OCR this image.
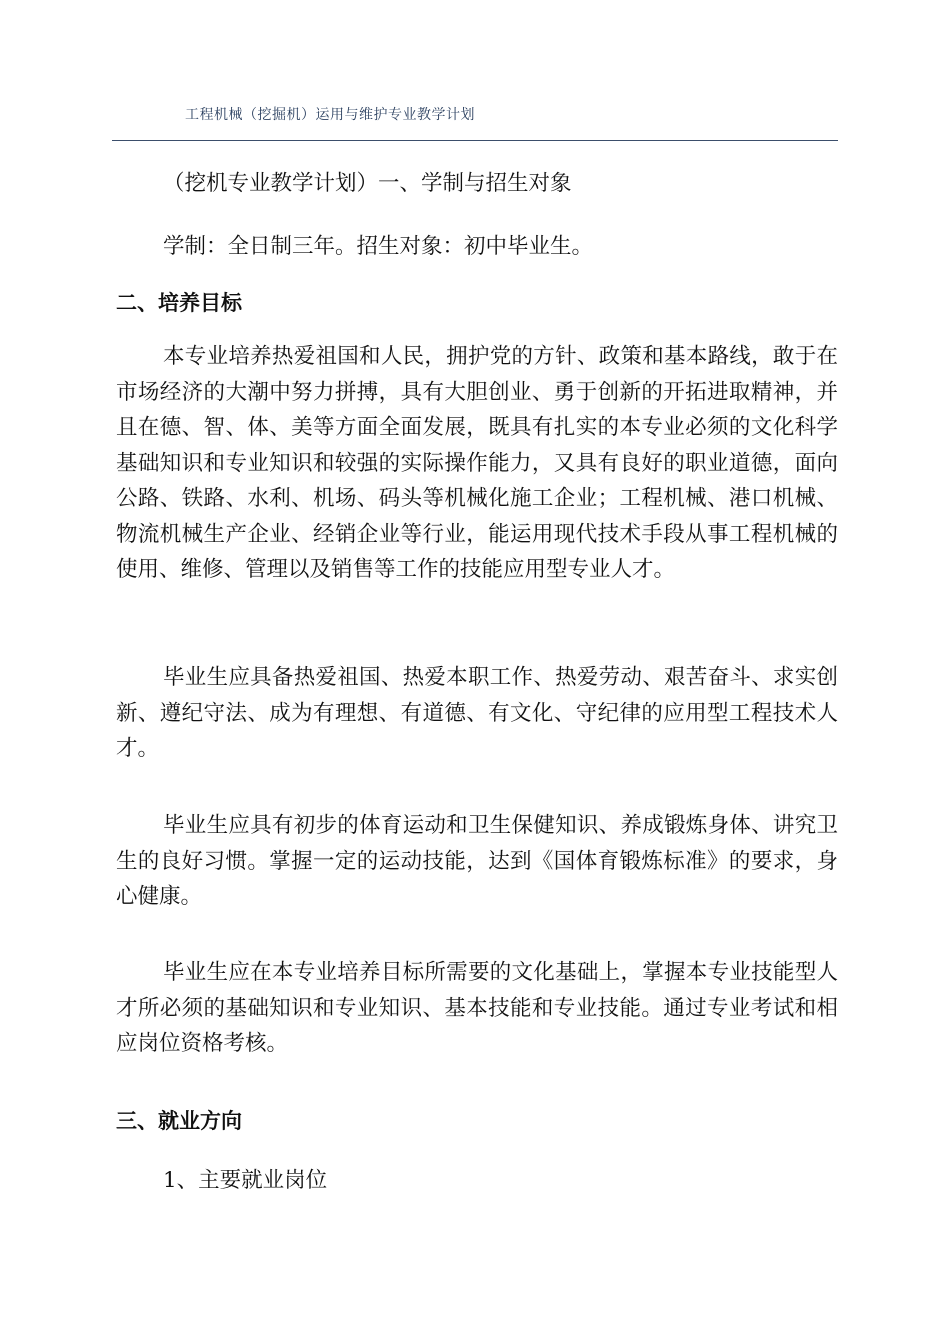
工程机械（挖掘机）运用与维护专业教学计划
（挖机专业教学计划）一、学制与招生对象
学制：全日制三年。招生对象：初中毕业生。
二、培养目标
本专业培养热爱祖国和人民，拥护党的方针、政策和基本路线，敢于在市场经济的大潮中努力拼搏，具有大胆创业、勇于创新的开拓进取精神，并且在德、智、体、美等方面全面发展，既具有扎实的本专业必须的文化科学基础知识和专业知识和较强的实际操作能力，又具有良好的职业道德，面向公路、铁路、水利、机场、码头等机械化施工企业；工程机械、港口机械、物流机械生产企业、经销企业等行业，能运用现代技术手段从事工程机械的使用、维修、管理以及销售等工作的技能应用型专业人才。
毕业生应具备热爱祖国、热爱本职工作、热爱劳动、艰苦奋斗、求实创新、遵纪守法、成为有理想、有道德、有文化、守纪律的应用型工程技术人才。
毕业生应具有初步的体育运动和卫生保健知识、养成锻炼身体、讲究卫生的良好习惯。掌握一定的运动技能，达到《国体育锻炼标准》的要求，身心健康。
毕业生应在本专业培养目标所需要的文化基础上，掌握本专业技能型人才所必须的基础知识和专业知识、基本技能和专业技能。通过专业考试和相应岗位资格考核。
三、就业方向
1、主要就业岗位
